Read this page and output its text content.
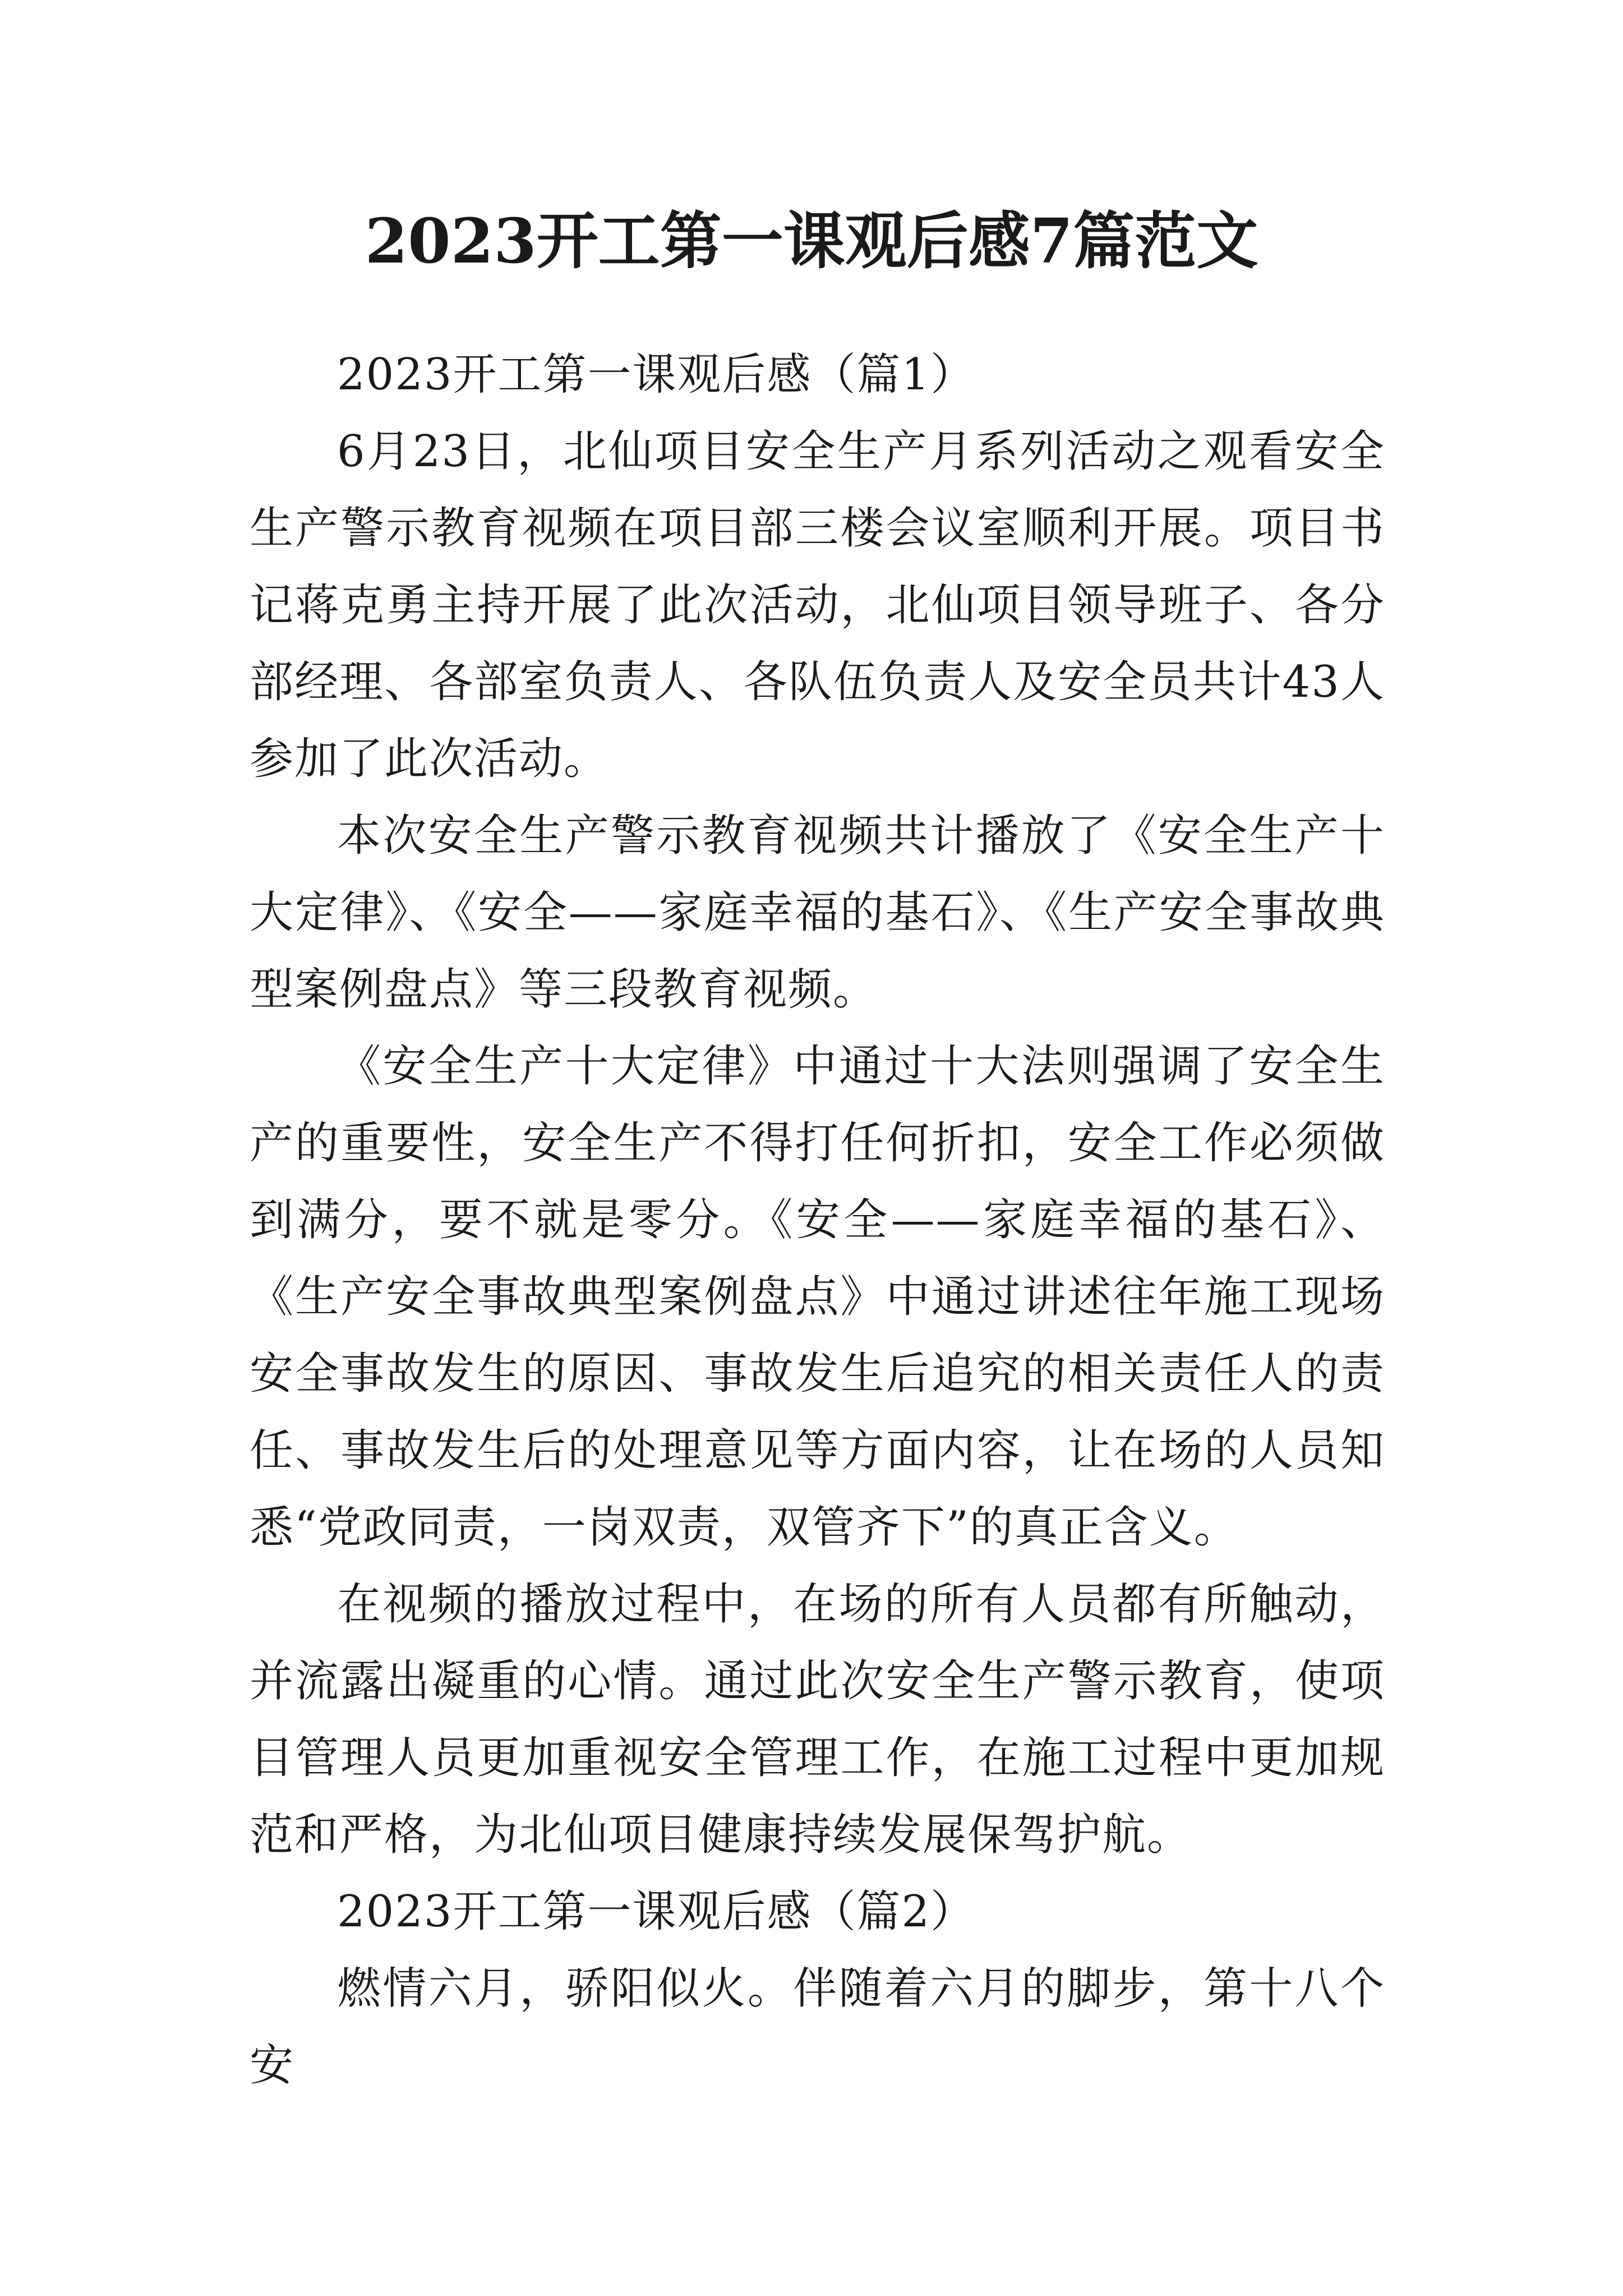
2023开工第一课观后感7篇范文

2023开工第一课观后感（篇1）

6月23日，北仙项目安全生产月系列活动之观看安全生产警示教育视频在项目部三楼会议室顺利开展。项目书记蒋克勇主持开展了此次活动，北仙项目领导班子、各分部经理、各部室负责人、各队伍负责人及安全员共计43人参加了此次活动。

本次安全生产警示教育视频共计播放了《安全生产十大定律》、《安全——家庭幸福的基石》、《生产安全事故典型案例盘点》等三段教育视频。

《安全生产十大定律》中通过十大法则强调了安全生产的重要性，安全生产不得打任何折扣，安全工作必须做到满分，要不就是零分。《安全——家庭幸福的基石》、《生产安全事故典型案例盘点》中通过讲述往年施工现场安全事故发生的原因、事故发生后追究的相关责任人的责任、事故发生后的处理意见等方面内容，让在场的人员知悉“党政同责，一岗双责，双管齐下”的真正含义。

在视频的播放过程中，在场的所有人员都有所触动，并流露出凝重的心情。通过此次安全生产警示教育，使项目管理人员更加重视安全管理工作，在施工过程中更加规范和严格，为北仙项目健康持续发展保驾护航。

2023开工第一课观后感（篇2）

燃情六月，骄阳似火。伴随着六月的脚步，第十八个安
